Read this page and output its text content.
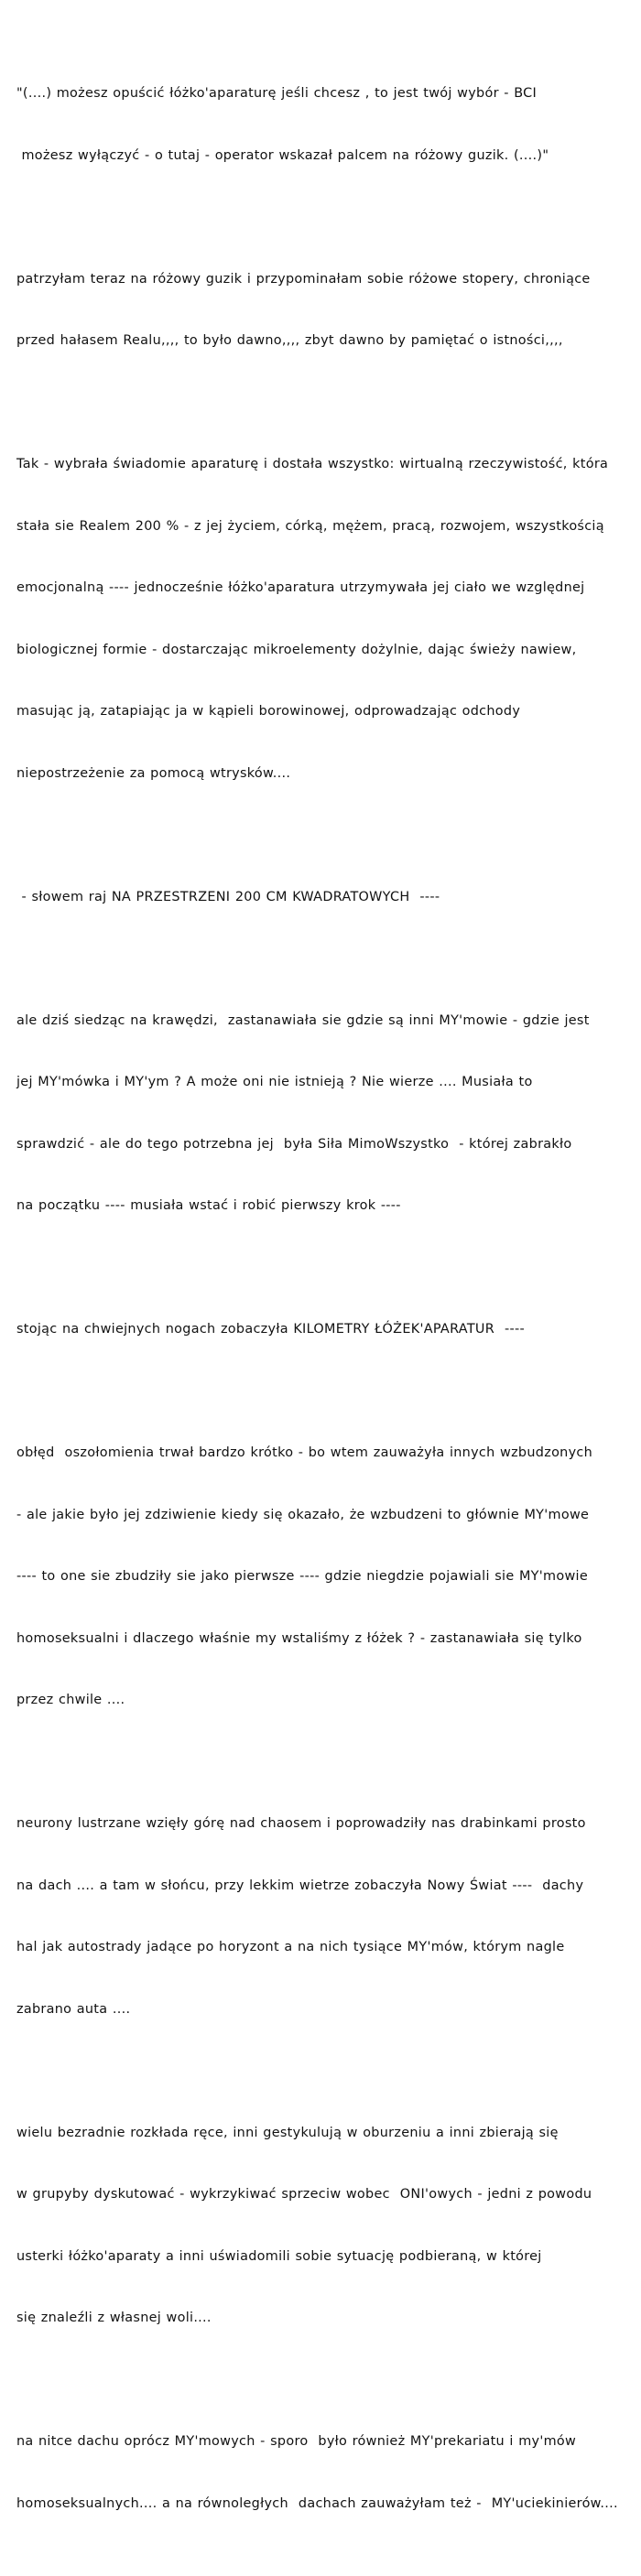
"(....) możesz opuścić łóżko'aparaturę jeśli chcesz , to jest twój wybór - BCI

możesz wyłączyć - o tutaj - operator wskazał palcem na różowy guzik. (....)"

patrzyłam teraz na różowy guzik i przypominałam sobie różowe stopery, chroniące

przed hałasem Realu,,,, to było dawno,,,, zbyt dawno by pamiętać o istności,,,,

Tak - wybrała świadomie aparaturę i dostała wszystko: wirtualną rzeczywistość, która

stała sie Realem 200 % - z jej życiem, córką, mężem, pracą, rozwojem, wszystkością

emocjonalną ---- jednocześnie łóżko'aparatura utrzymywała jej ciało we względnej

biologicznej formie - dostarczając mikroelementy dożylnie, dając świeży nawiew,

masując ją, zatapiając ja w kąpieli borowinowej, odprowadzając odchody

niepostrzeżenie za pomocą wtrysków....

- słowem raj NA PRZESTRZENI 200 CM KWADRATOWYCH  ----

ale dziś siedząc na krawędzi,  zastanawiała sie gdzie są inni MY'mowie - gdzie jest

jej MY'mówka i MY'ym ? A może oni nie istnieją ? Nie wierze .... Musiała to

sprawdzić - ale do tego potrzebna jej  była Siła MimoWszystko  - której zabrakło

na początku ---- musiała wstać i robić pierwszy krok ----

stojąc na chwiejnych nogach zobaczyła KILOMETRY ŁÓŻEK'APARATUR  ----

obłęd  oszołomienia trwał bardzo krótko - bo wtem zauważyła innych wzbudzonych

- ale jakie było jej zdziwienie kiedy się okazało, że wzbudzeni to głównie MY'mowe

---- to one sie zbudziły sie jako pierwsze ---- gdzie niegdzie pojawiali sie MY'mowie

homoseksualni i dlaczego właśnie my wstaliśmy z łóżek ? - zastanawiała się tylko

przez chwile ....

neurony lustrzane wzięły górę nad chaosem i poprowadziły nas drabinkami prosto

na dach .... a tam w słońcu, przy lekkim wietrze zobaczyła Nowy Świat ----  dachy

hal jak autostrady jadące po horyzont a na nich tysiące MY'mów, którym nagle

zabrano auta ....

wielu bezradnie rozkłada ręce, inni gestykulują w oburzeniu a inni zbierają się

w grupyby dyskutować - wykrzykiwać sprzeciw wobec  ONI'owych - jedni z powodu

usterki łóżko'aparaty a inni uświadomili sobie sytuację podbieraną, w której

się znaleźli z własnej woli....

na nitce dachu oprócz MY'mowych - sporo  było również MY'prekariatu i my'mów

homoseksualnych.... a na równoległych  dachach zauważyłam też -  MY'uciekinierów....
